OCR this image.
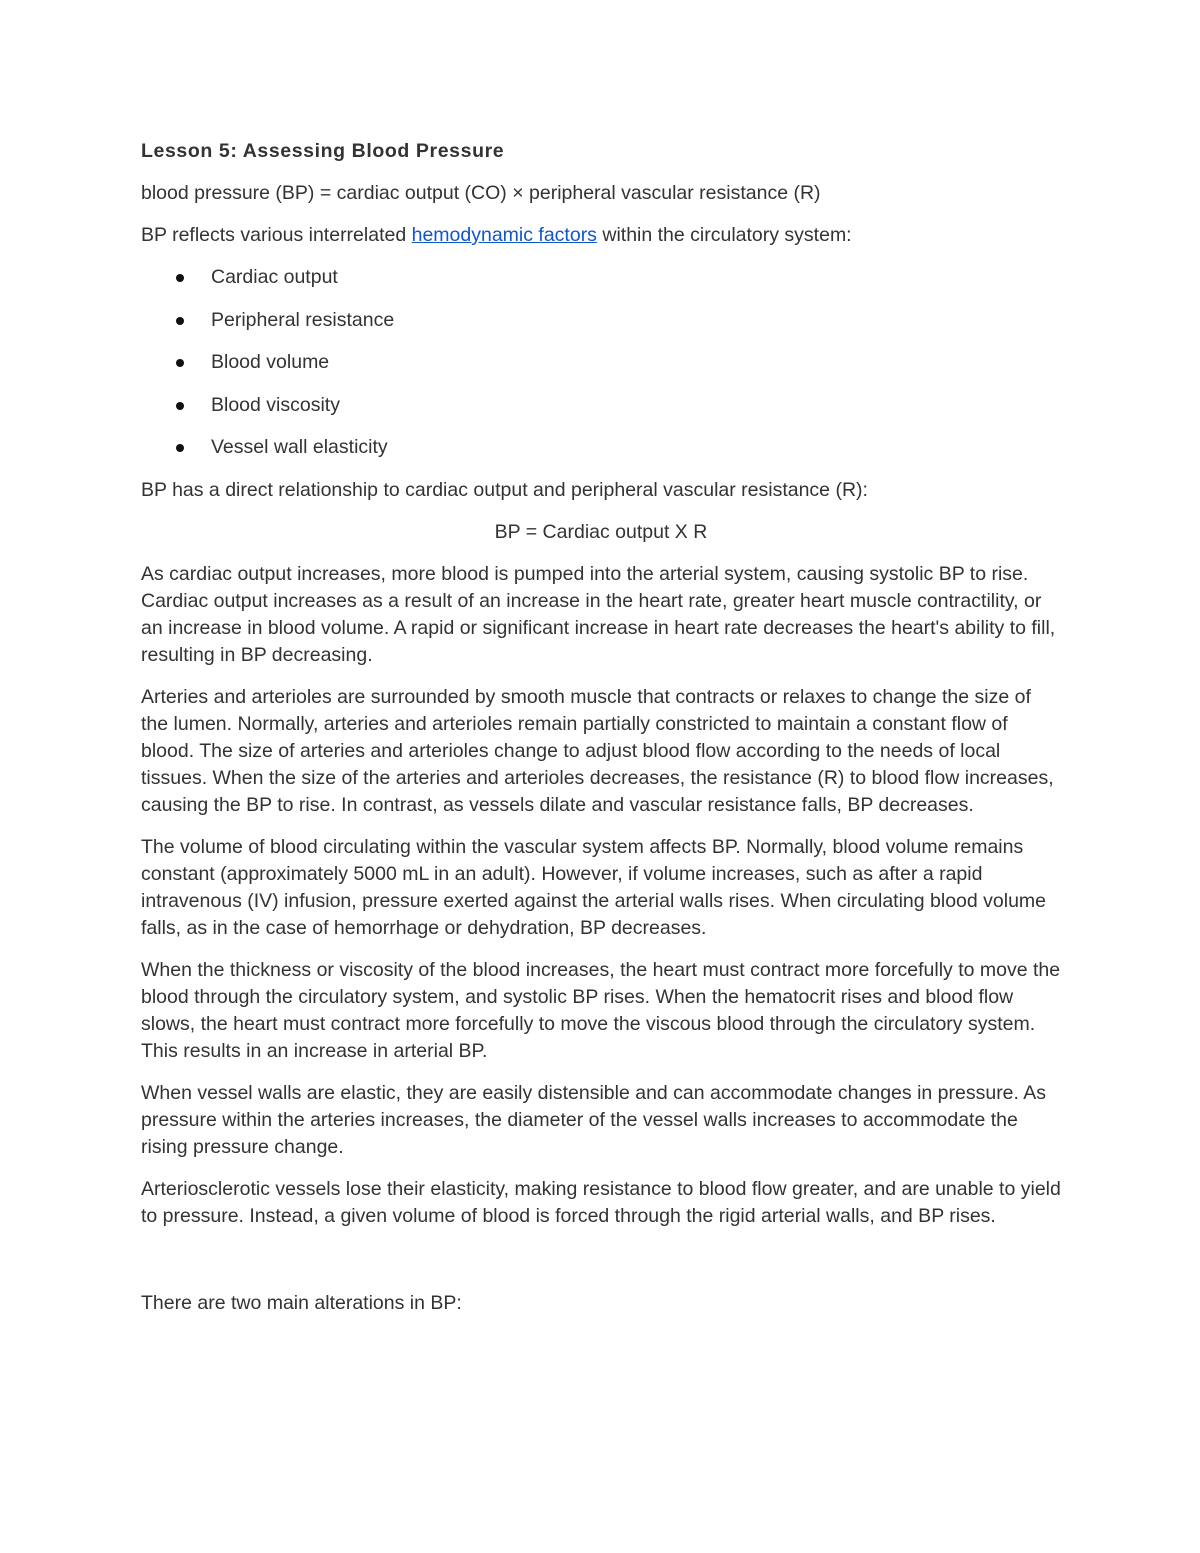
Lesson 5: Assessing Blood Pressure

blood pressure (BP) = cardiac output (CO) × peripheral vascular resistance (R)

BP reflects various interrelated hemodynamic factors within the circulatory system:

Cardiac output
Peripheral resistance
Blood volume
Blood viscosity
Vessel wall elasticity

BP has a direct relationship to cardiac output and peripheral vascular resistance (R):

BP = Cardiac output X R

As cardiac output increases, more blood is pumped into the arterial system, causing systolic BP to rise. Cardiac output increases as a result of an increase in the heart rate, greater heart muscle contractility, or an increase in blood volume. A rapid or significant increase in heart rate decreases the heart's ability to fill, resulting in BP decreasing.

Arteries and arterioles are surrounded by smooth muscle that contracts or relaxes to change the size of the lumen. Normally, arteries and arterioles remain partially constricted to maintain a constant flow of blood. The size of arteries and arterioles change to adjust blood flow according to the needs of local tissues. When the size of the arteries and arterioles decreases, the resistance (R) to blood flow increases, causing the BP to rise. In contrast, as vessels dilate and vascular resistance falls, BP decreases.

The volume of blood circulating within the vascular system affects BP. Normally, blood volume remains constant (approximately 5000 mL in an adult). However, if volume increases, such as after a rapid intravenous (IV) infusion, pressure exerted against the arterial walls rises. When circulating blood volume falls, as in the case of hemorrhage or dehydration, BP decreases.

When the thickness or viscosity of the blood increases, the heart must contract more forcefully to move the blood through the circulatory system, and systolic BP rises. When the hematocrit rises and blood flow slows, the heart must contract more forcefully to move the viscous blood through the circulatory system. This results in an increase in arterial BP.

When vessel walls are elastic, they are easily distensible and can accommodate changes in pressure. As pressure within the arteries increases, the diameter of the vessel walls increases to accommodate the rising pressure change.

Arteriosclerotic vessels lose their elasticity, making resistance to blood flow greater, and are unable to yield to pressure. Instead, a given volume of blood is forced through the rigid arterial walls, and BP rises.

There are two main alterations in BP:
